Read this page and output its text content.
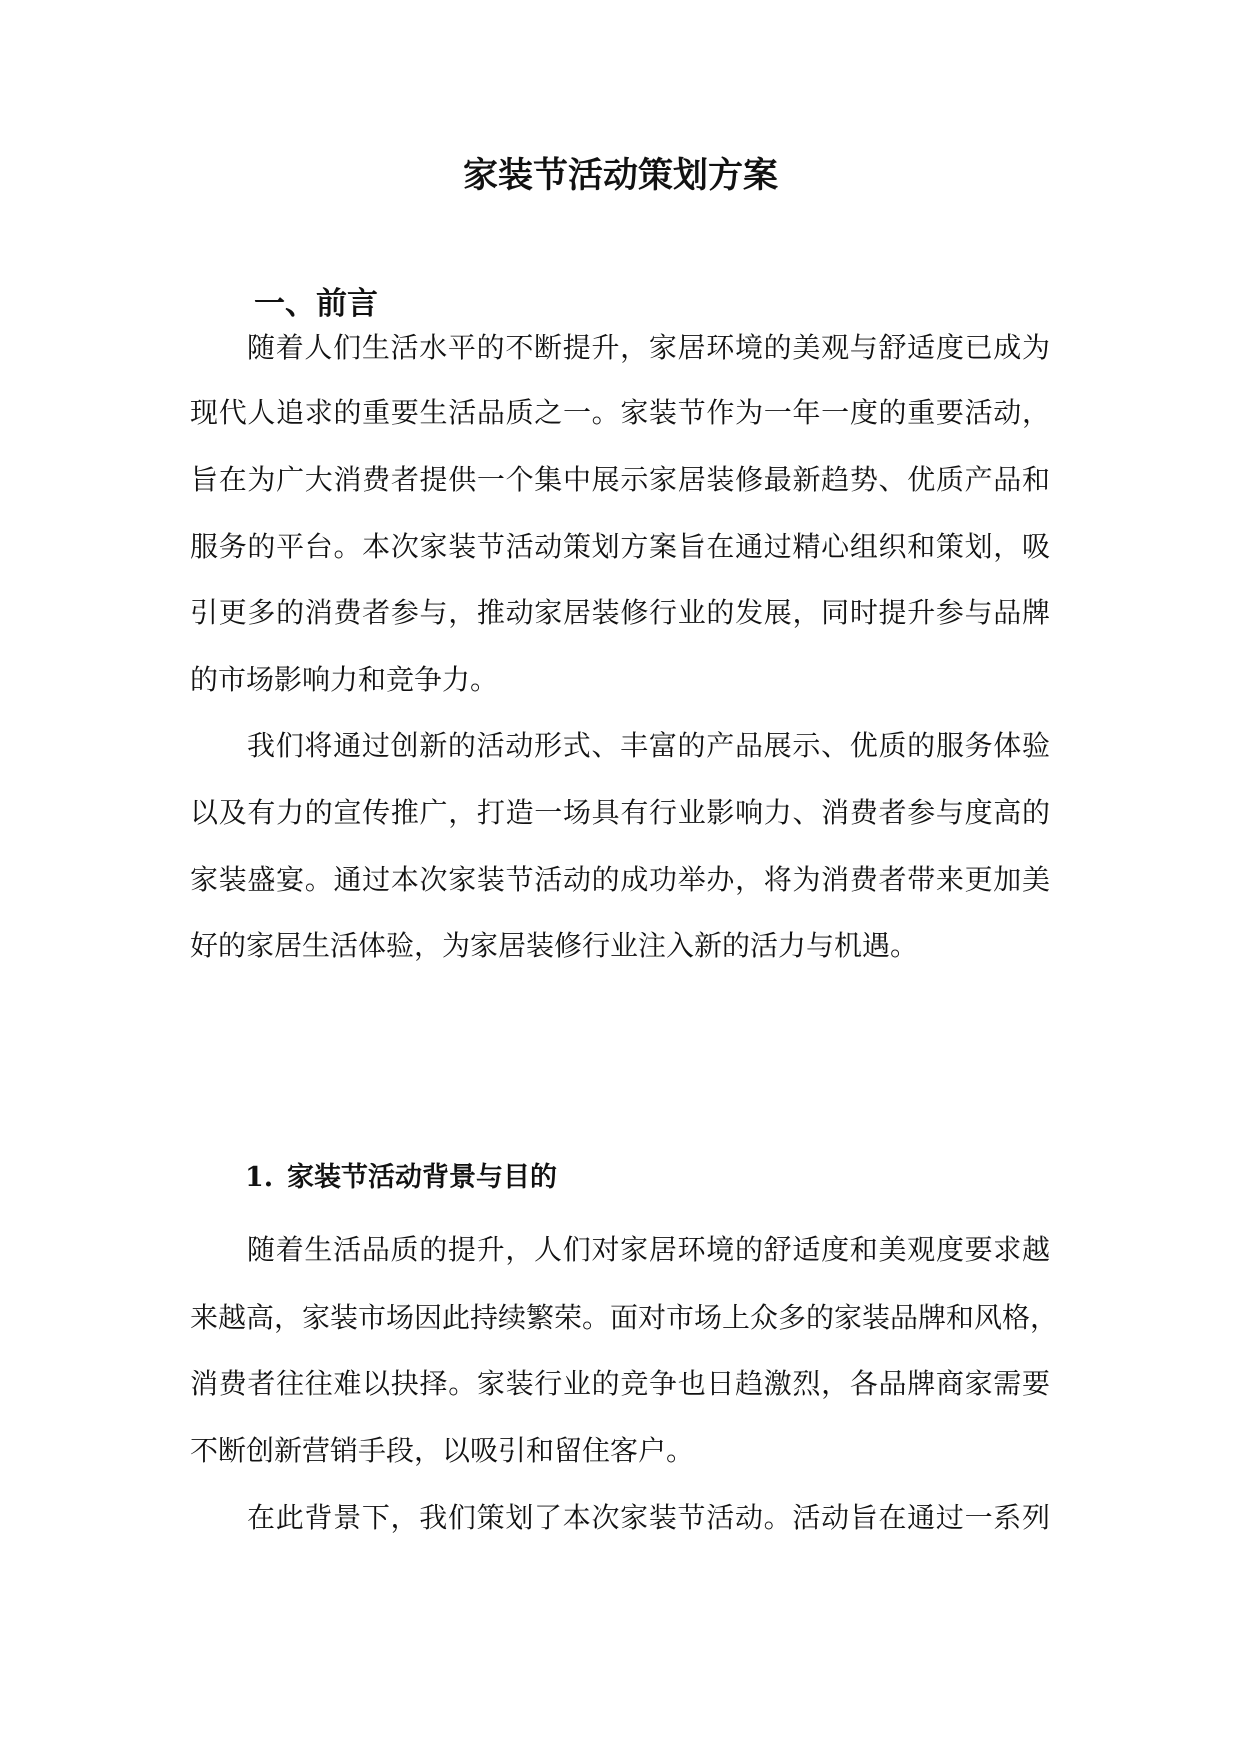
家装节活动策划方案
一、前言

随着人们生活水平的不断提升，家居环境的美观与舒适度已成为

现代人追求的重要生活品质之一。家装节作为一年一度的重要活动，

旨在为广大消费者提供一个集中展示家居装修最新趋势、优质产品和

服务的平台。本次家装节活动策划方案旨在通过精心组织和策划，吸

引更多的消费者参与，推动家居装修行业的发展，同时提升参与品牌

的市场影响力和竞争力。

我们将通过创新的活动形式、丰富的产品展示、优质的服务体验

以及有力的宣传推广，打造一场具有行业影响力、消费者参与度高的

家装盛宴。通过本次家装节活动的成功举办，将为消费者带来更加美

好的家居生活体验，为家居装修行业注入新的活力与机遇。

1. 家装节活动背景与目的

随着生活品质的提升，人们对家居环境的舒适度和美观度要求越

来越高，家装市场因此持续繁荣。面对市场上众多的家装品牌和风格，

消费者往往难以抉择。家装行业的竞争也日趋激烈，各品牌商家需要

不断创新营销手段，以吸引和留住客户。

在此背景下，我们策划了本次家装节活动。活动旨在通过一系列
